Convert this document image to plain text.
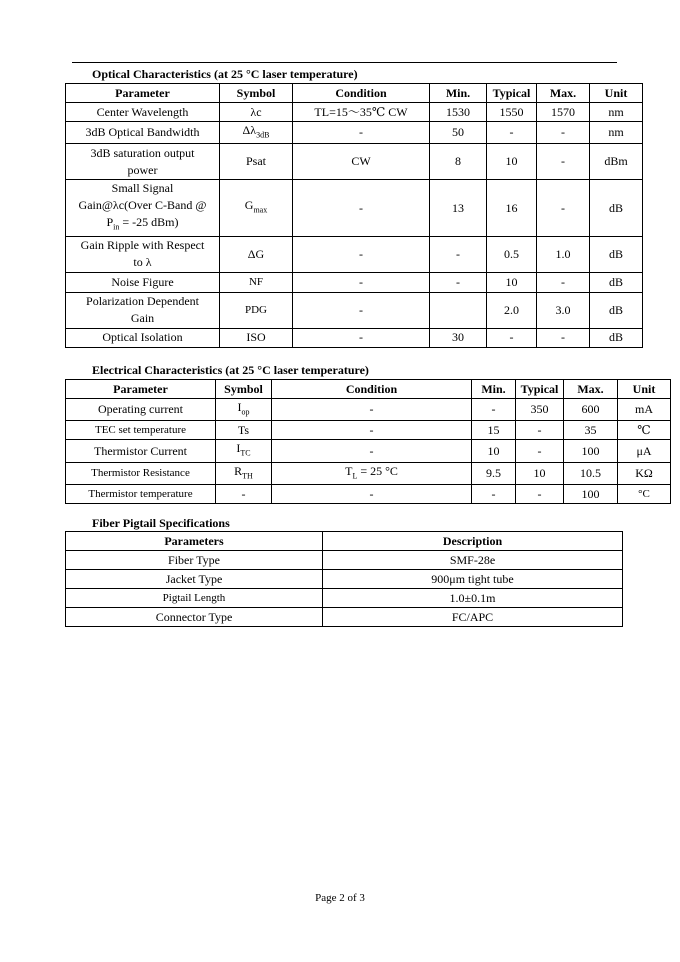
Optical Characteristics (at 25 °C laser temperature)
Parameter	Symbol	Condition	Min.	Typical	Max.	Unit
Center Wavelength	λc	TL=15～35℃ CW	1530	1550	1570	nm
3dB Optical Bandwidth	$\Delta\lambda_{3dB}$	-	50	-	-	nm
3dB saturation output
power	Psat	CW	8	10	-	dBm
Small Signal
Gain@λc(Over C-Band @
$P_{in} = -25$ dBm)	$G_{max}$	-	13	16	-	dB
Gain Ripple with Respect
to λ	ΔG	-	-	0.5	1.0	dB
Noise Figure	NF	-	-	10	-	dB
Polarization Dependent
Gain	PDG	-		2.0	3.0	dB
Optical Isolation	ISO	-	30	-	-	dB
Electrical Characteristics (at 25 °C laser temperature)
Parameter	Symbol	Condition	Min.	Typical	Max.	Unit
Operating current	$I_{op}$	-	-	350	600	mA
TEC set temperature	Ts	-	15	-	35	℃
Thermistor Current	$I_{TC}$	-	10	-	100	μA
Thermistor Resistance	$R_{TH}$	$T_L = 25$ °C	9.5	10	10.5	KΩ
Thermistor temperature	-	-	-	-	100	°C
Fiber Pigtail Specifications
Parameters	Description
Fiber Type	SMF-28e
Jacket Type	900μm tight tube
Pigtail Length	1.0±0.1m
Connector Type	FC/APC
Page 2 of 3
